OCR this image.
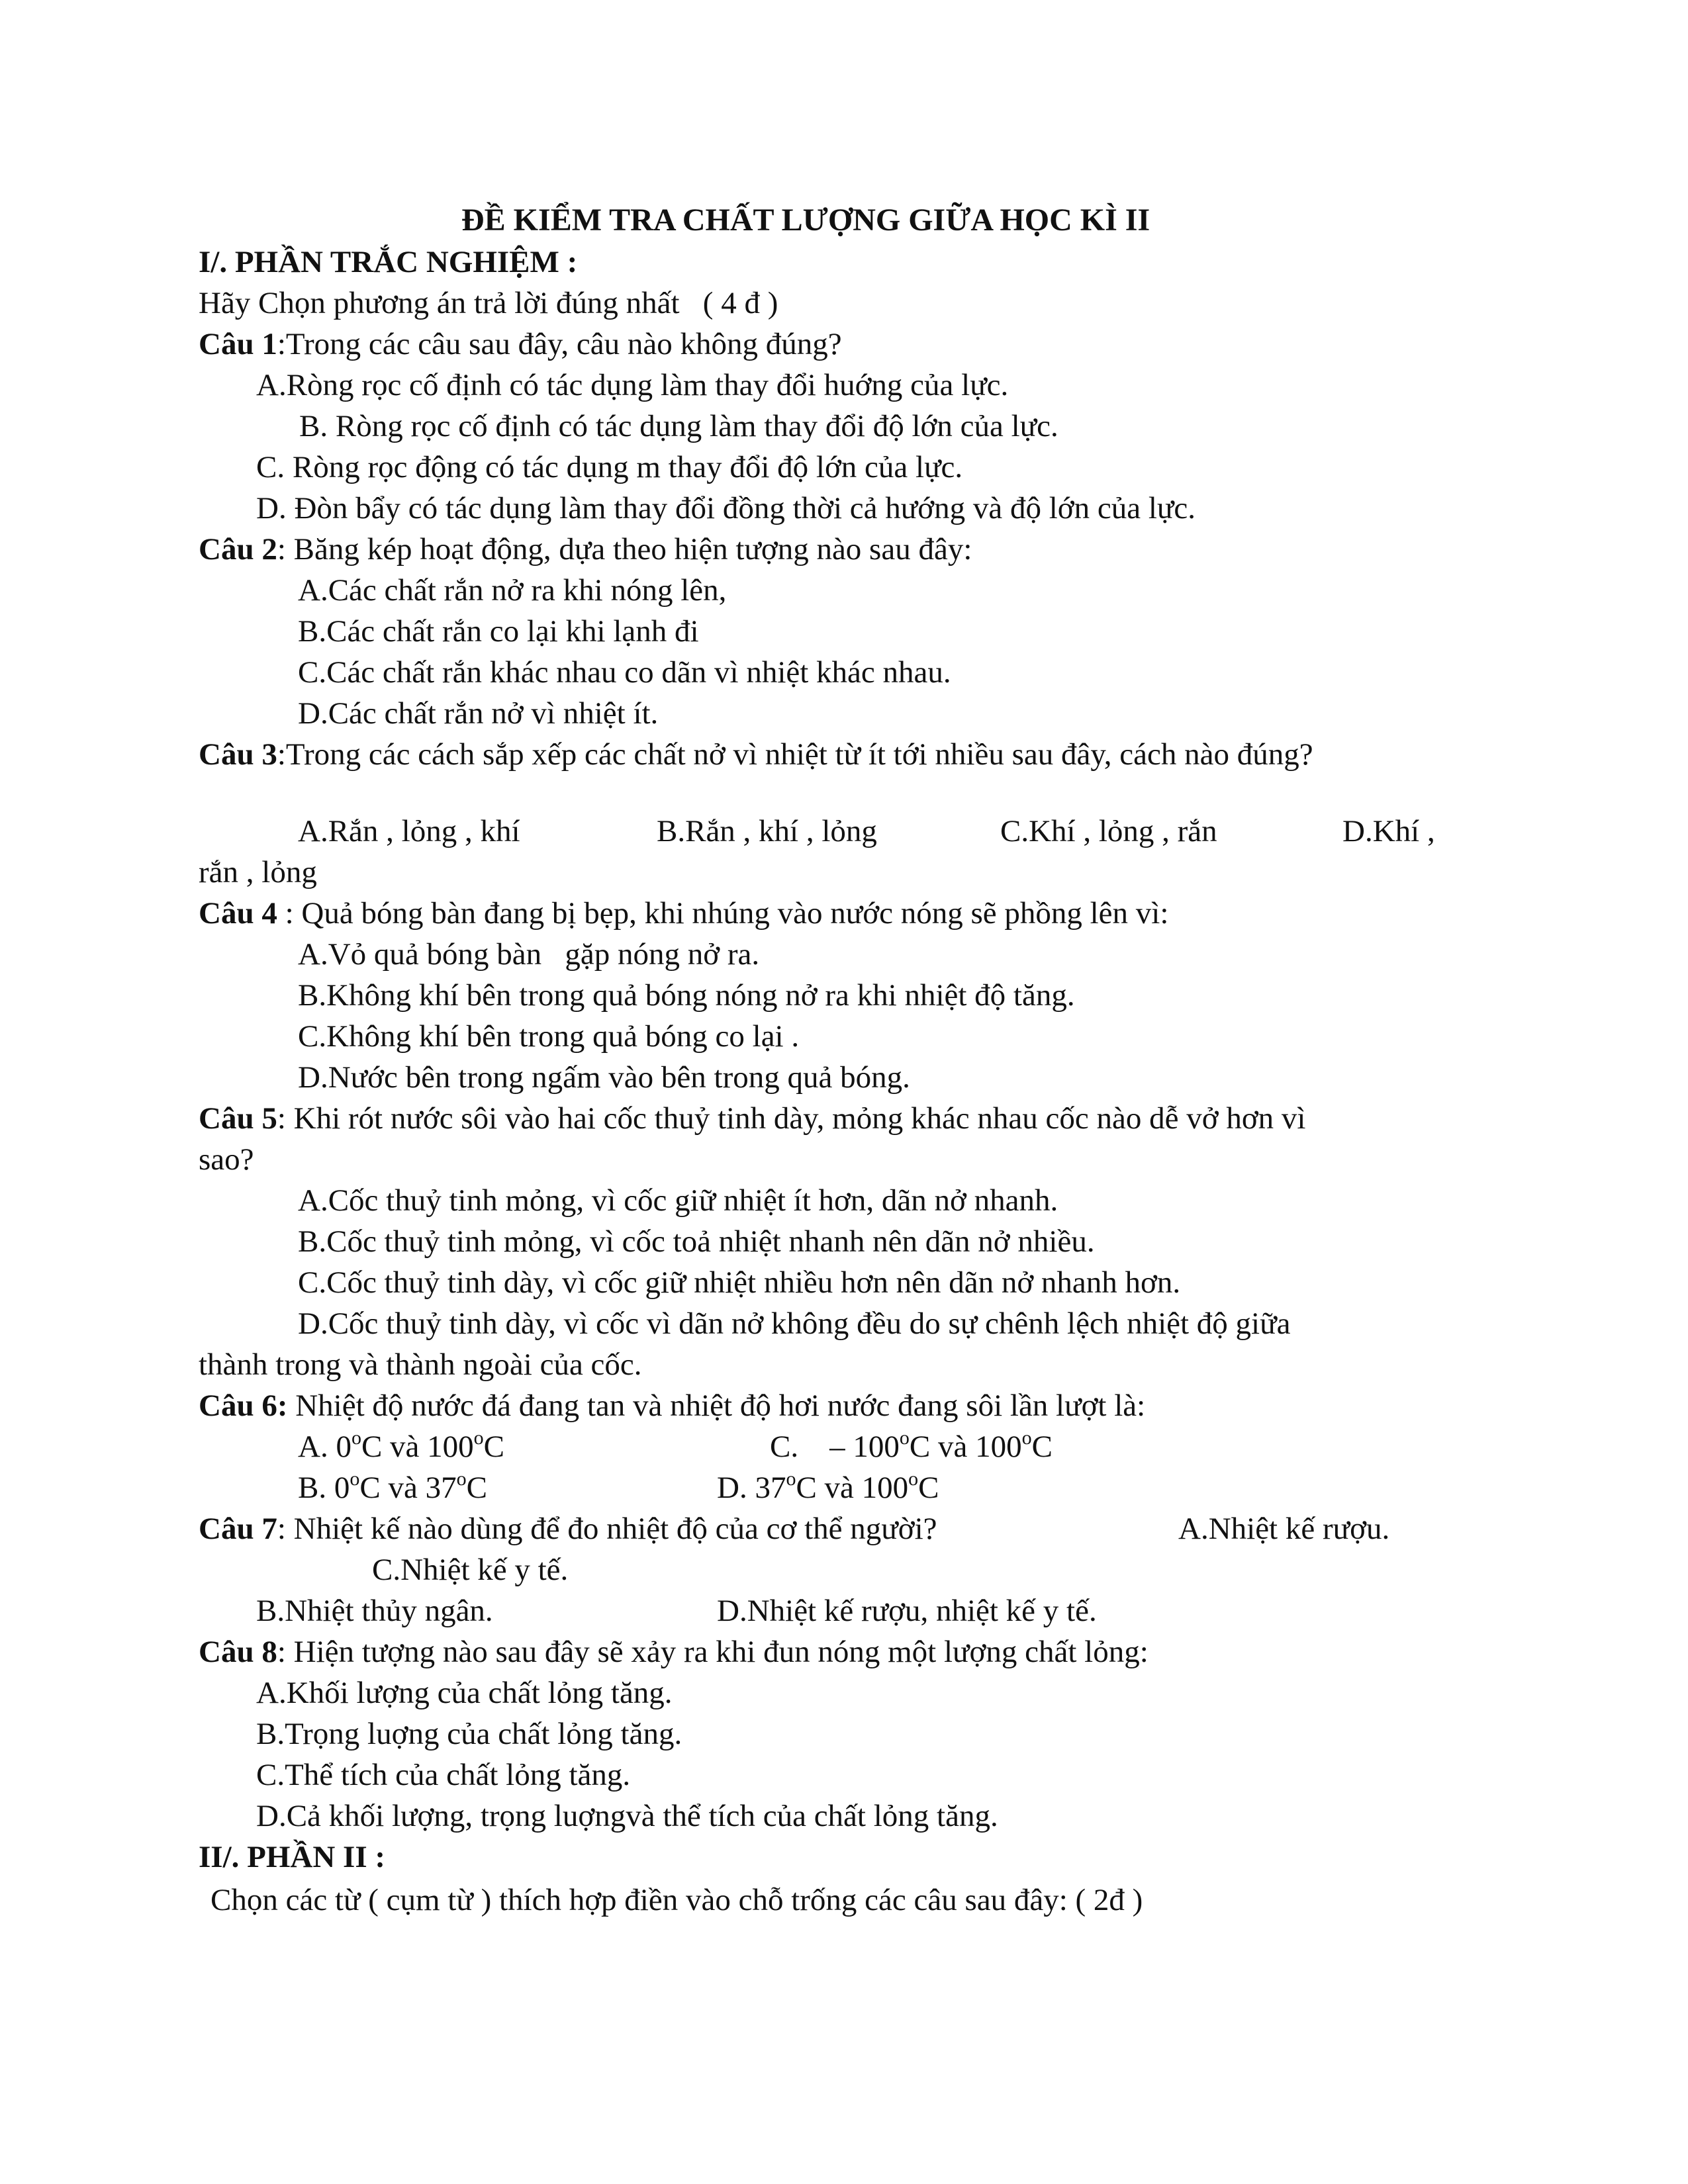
ĐỀ KIỂM TRA CHẤT LƯỢNG GIỮA HỌC KÌ II
I/. PHẦN TRẮC NGHIỆM :
Hãy Chọn phương án trả lời đúng nhất   ( 4 đ )
Câu 1:Trong các câu sau đây, câu nào không đúng?
A.Ròng rọc cố định có tác dụng làm thay đổi huớng của lực.
B. Ròng rọc cố định có tác dụng làm thay đổi độ lớn của lực.
C. Ròng rọc động có tác dụng m thay đổi độ lớn của lực.
D. Đòn bẩy có tác dụng làm thay đổi đồng thời cả hướng và độ lớn của lực.
Câu 2: Băng kép hoạt động, dựa theo hiện tượng nào sau đây:
A.Các chất rắn nở ra khi nóng lên,
B.Các chất rắn co lại khi lạnh đi
C.Các chất rắn khác nhau co dãn vì nhiệt khác nhau.
D.Các chất rắn nở vì nhiệt ít.
Câu 3:Trong các cách sắp xếp các chất nở vì nhiệt từ ít tới nhiều sau đây, cách nào đúng?
A.Rắn , lỏng , khí	B.Rắn , khí , lỏng	C.Khí , lỏng , rắn	D.Khí ,
rắn , lỏng
Câu 4 : Quả bóng bàn đang bị bẹp, khi nhúng vào nước nóng sẽ phồng lên vì:
A.Vỏ quả bóng bàn   gặp nóng nở ra.
B.Không khí bên trong quả bóng nóng nở ra khi nhiệt độ tăng.
C.Không khí bên trong quả bóng co lại .
D.Nước bên trong ngấm vào bên trong quả bóng.
Câu 5: Khi rót nước sôi vào hai cốc thuỷ tinh dày, mỏng khác nhau cốc nào dễ vở hơn vì
sao?
A.Cốc thuỷ tinh mỏng, vì cốc giữ nhiệt ít hơn, dãn nở nhanh.
B.Cốc thuỷ tinh mỏng, vì cốc toả nhiệt nhanh nên dãn nở nhiều.
C.Cốc thuỷ tinh dày, vì cốc giữ nhiệt nhiều hơn nên dãn nở nhanh hơn.
D.Cốc thuỷ tinh dày, vì cốc vì dãn nở không đều do sự chênh lệch nhiệt độ giữa
thành trong và thành ngoài của cốc.
Câu 6: Nhiệt độ nước đá đang tan và nhiệt độ hơi nước đang sôi lần lượt là:
A. 0$^o$C và 100$^o$C	C.    – 100$^o$C và 100$^o$C
B. 0$^o$C và 37$^o$C	D. 37$^o$C và 100$^o$C
Câu 7: Nhiệt kế nào dùng để đo nhiệt độ của cơ thể người?	A.Nhiệt kế rượu.
C.Nhiệt kế y tế.
B.Nhiệt thủy ngân.	D.Nhiệt kế rượu, nhiệt kế y tế.
Câu 8: Hiện tượng nào sau đây sẽ xảy ra khi đun nóng một lượng chất lỏng:
A.Khối lượng của chất lỏng tăng.
B.Trọng luợng của chất lỏng tăng.
C.Thể tích của chất lỏng tăng.
D.Cả khối lượng, trọng luợngvà thể tích của chất lỏng tăng.
II/. PHẦN II :
Chọn các từ ( cụm từ ) thích hợp điền vào chỗ trống các câu sau đây: ( 2đ )
